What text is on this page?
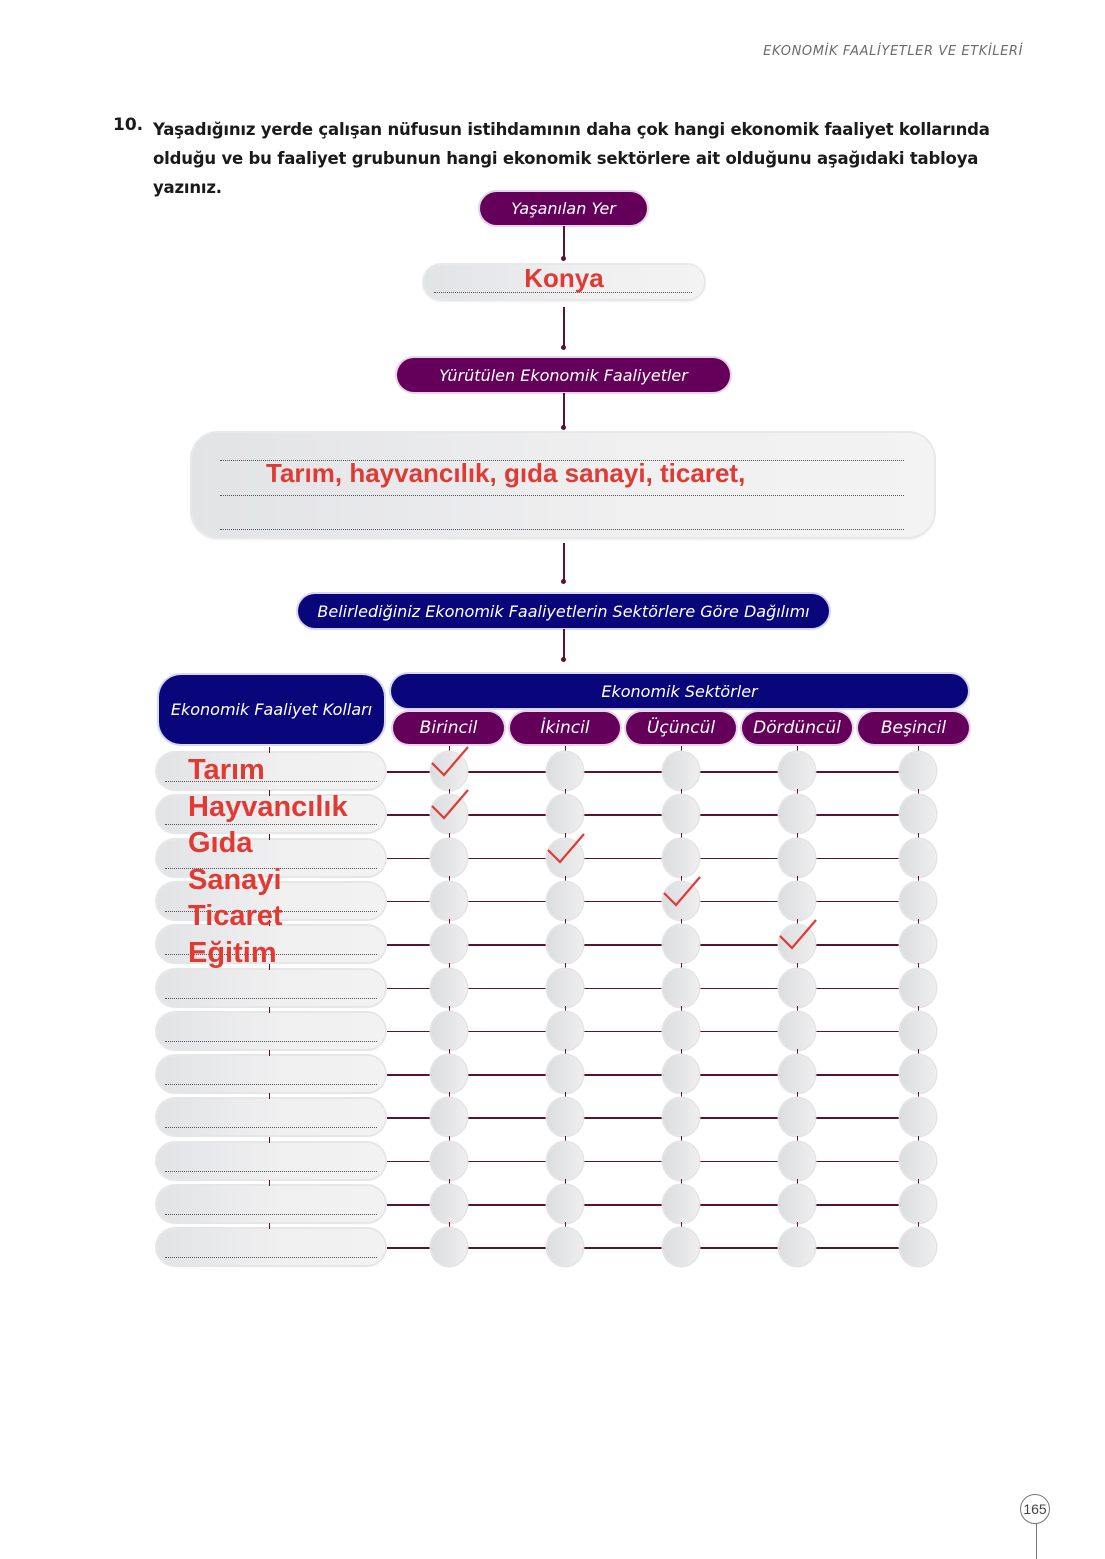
EKONOMİK FAALİYETLER VE ETKİLERİ
10. Yaşadığınız yerde çalışan nüfusun istihdamının daha çok hangi ekonomik faaliyet kollarında olduğu ve bu faaliyet grubunun hangi ekonomik sektörlere ait olduğunu aşağıdaki tabloya yazınız.
Yaşanılan Yer
Konya
Yürütülen Ekonomik Faaliyetler
Tarım, hayvancılık, gıda sanayi, ticaret,
Belirlediğiniz Ekonomik Faaliyetlerin Sektörlere Göre Dağılımı
Ekonomik Faaliyet Kolları
Ekonomik Sektörler
Birincil	İkincil	Üçüncül Dördüncül Beşincil
Tarım
Hayvancılık
Gıda
Sanayi
Ticaret
Eğitim
165
